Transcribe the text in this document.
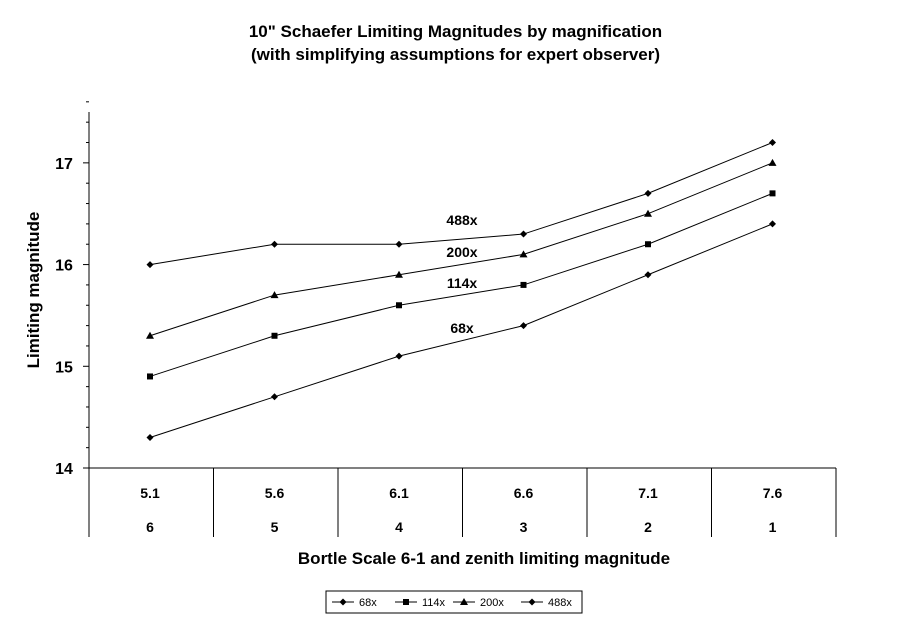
10" Schaefer Limiting Magnitudes by magnification
(with simplifying assumptions for expert observer)
14
15
16
17
5.1	5.6	6.1	6.6	7.1	7.6
6	5	4	3	2	1
488x
200x
114x
68x
Limiting magnitude
Bortle Scale 6-1 and zenith limiting magnitude
68x	114x	200x	488x
